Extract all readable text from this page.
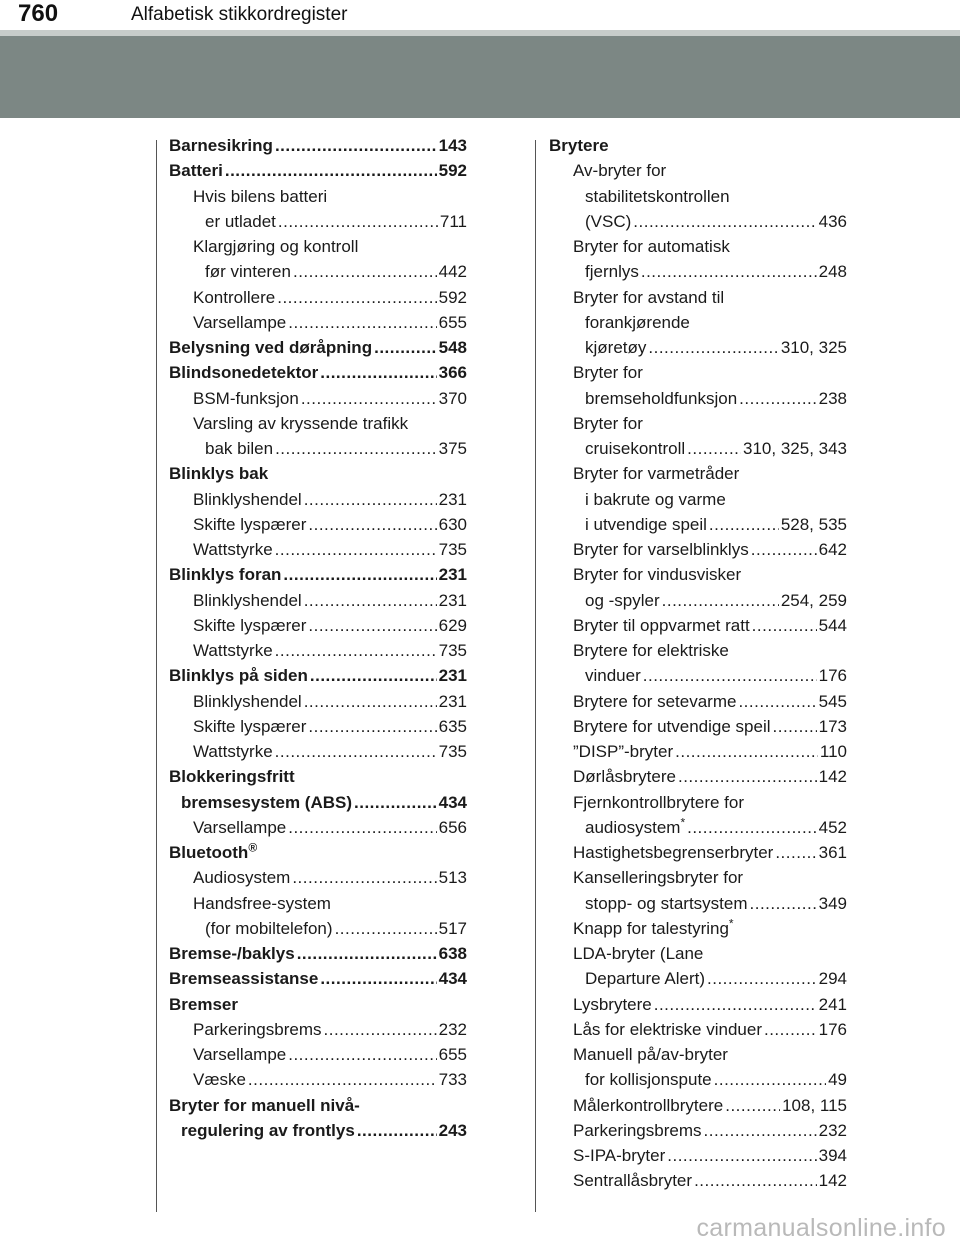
760	Alfabetisk stikkordregister
Barnesikring .....	143
Batteri .....	592
Hvis bilens batteri
er utladet .....	711
Klargjøring og kontroll
før vinteren .....	442
Kontrollere .....	592
Varsellampe .....	655
Belysning ved døråpning .....	548
Blindsonedetektor .....	366
BSM-funksjon .....	370
Varsling av kryssende trafikk
bak bilen .....	375
Blinklys bak
Blinklyshendel .....	231
Skifte lyspærer .....	630
Wattstyrke .....	735
Blinklys foran .....	231
Blinklyshendel .....	231
Skifte lyspærer .....	629
Wattstyrke .....	735
Blinklys på siden .....	231
Blinklyshendel .....	231
Skifte lyspærer .....	635
Wattstyrke .....	735
Blokkeringsfritt
bremsesystem (ABS) .....	434
Varsellampe .....	656
Bluetooth®
Audiosystem .....	513
Handsfree-system
(for mobiltelefon) .....	517
Bremse-/baklys .....	638
Bremseassistanse .....	434
Bremser
Parkeringsbrems .....	232
Varsellampe .....	655
Væske .....	733
Bryter for manuell nivå-
regulering av frontlys .....	243
Brytere
Av-bryter for
stabilitetskontrollen
(VSC) .....	436
Bryter for automatisk
fjernlys .....	248
Bryter for avstand til
forankjørende
kjøretøy .....	310, 325
Bryter for
bremseholdfunksjon .....	238
Bryter for
cruisekontroll .....	310, 325, 343
Bryter for varmetråder
i bakrute og varme
i utvendige speil .....	528, 535
Bryter for varselblinklys .....	642
Bryter for vindusvisker
og -spyler .....	254, 259
Bryter til oppvarmet ratt .....	544
Brytere for elektriske
vinduer .....	176
Brytere for setevarme .....	545
Brytere for utvendige speil .....	173
”DISP”-bryter .....	110
Dørlåsbrytere .....	142
Fjernkontrollbrytere for
audiosystem* .....	452
Hastighetsbegrenserbryter .....	361
Kanselleringsbryter for
stopp- og startsystem .....	349
Knapp for talestyring*
LDA-bryter (Lane
Departure Alert) .....	294
Lysbrytere .....	241
Lås for elektriske vinduer .....	176
Manuell på/av-bryter
for kollisjonspute .....	49
Målerkontrollbrytere .....	108, 115
Parkeringsbrems .....	232
S-IPA-bryter .....	394
Sentrallåsbryter .....	142
carmanualsonline.info
